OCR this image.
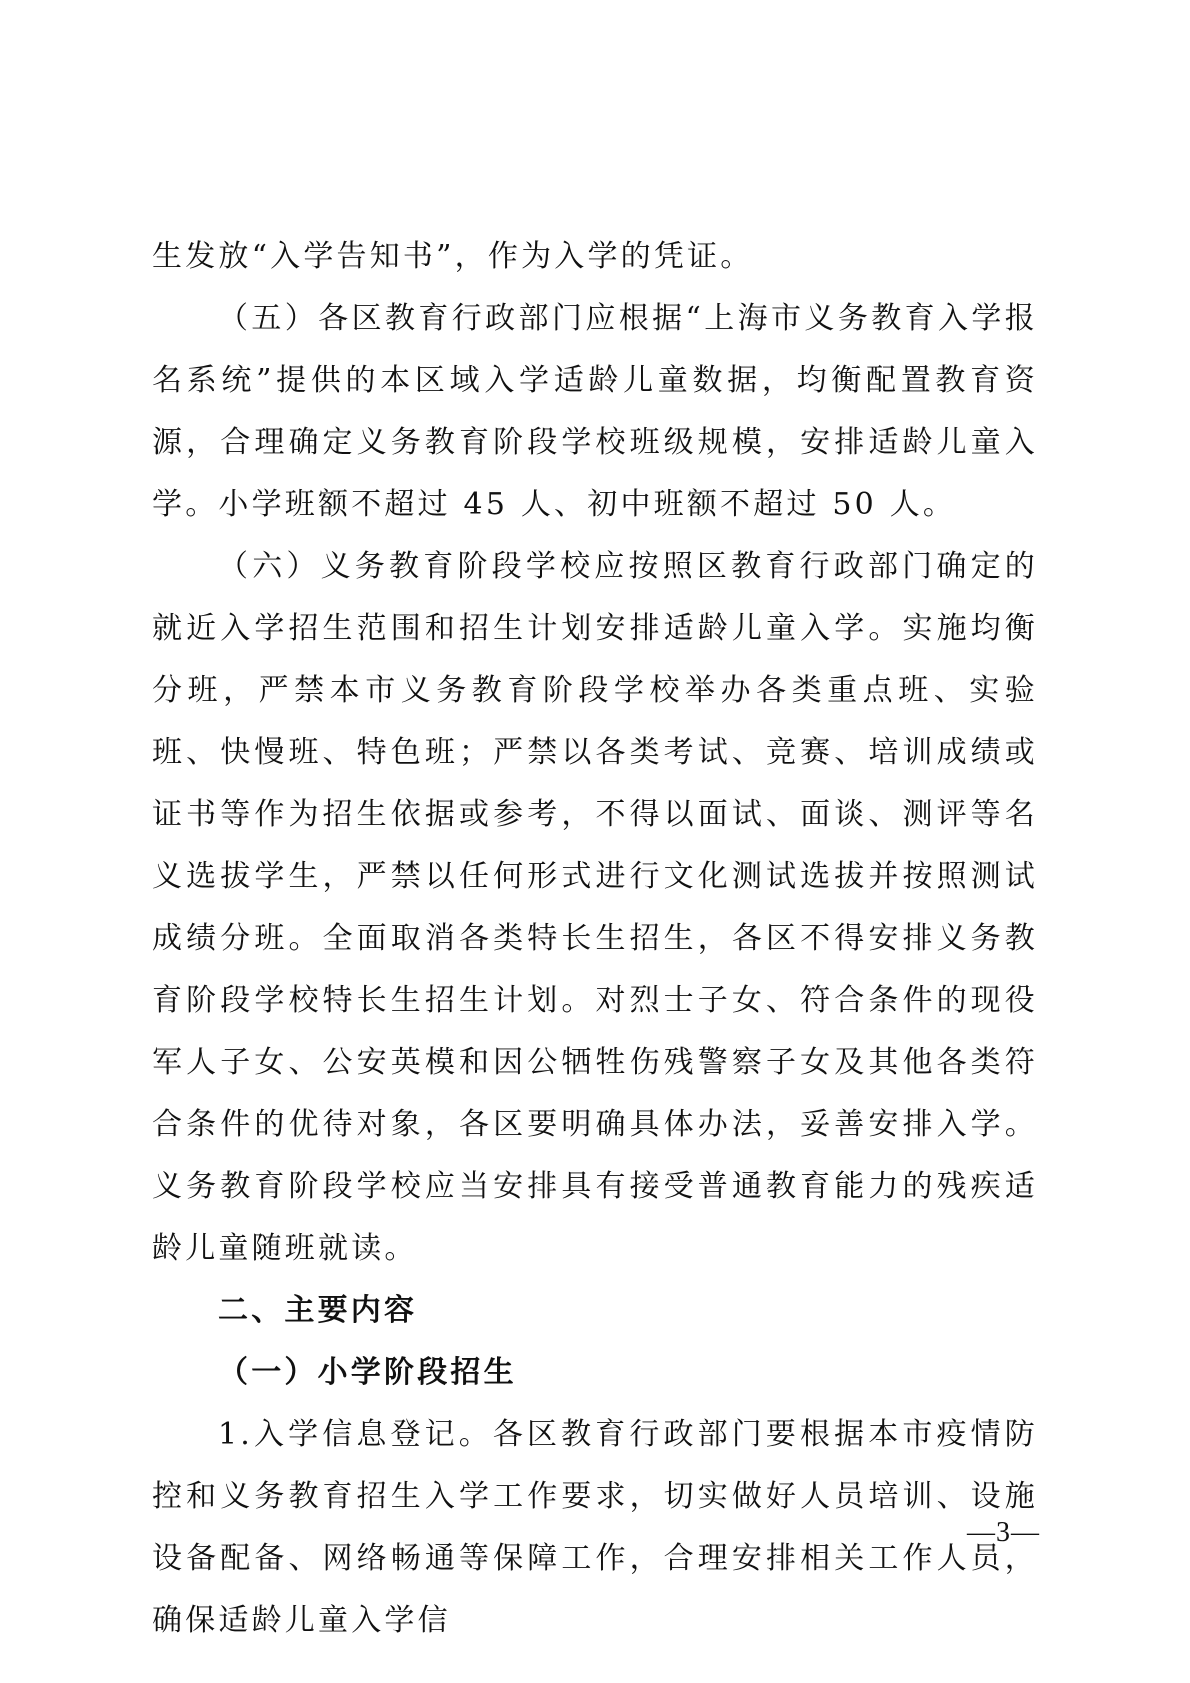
生发放“入学告知书”，作为入学的凭证。

（五）各区教育行政部门应根据“上海市义务教育入学报名系统”提供的本区域入学适龄儿童数据，均衡配置教育资源，合理确定义务教育阶段学校班级规模，安排适龄儿童入学。小学班额不超过 45 人、初中班额不超过 50 人。

（六）义务教育阶段学校应按照区教育行政部门确定的就近入学招生范围和招生计划安排适龄儿童入学。实施均衡分班，严禁本市义务教育阶段学校举办各类重点班、实验班、快慢班、特色班；严禁以各类考试、竞赛、培训成绩或证书等作为招生依据或参考，不得以面试、面谈、测评等名义选拔学生，严禁以任何形式进行文化测试选拔并按照测试成绩分班。全面取消各类特长生招生，各区不得安排义务教育阶段学校特长生招生计划。对烈士子女、符合条件的现役军人子女、公安英模和因公牺牲伤残警察子女及其他各类符合条件的优待对象，各区要明确具体办法，妥善安排入学。义务教育阶段学校应当安排具有接受普通教育能力的残疾适龄儿童随班就读。

二、主要内容

（一）小学阶段招生

1.入学信息登记。各区教育行政部门要根据本市疫情防控和义务教育招生入学工作要求，切实做好人员培训、设施设备配备、网络畅通等保障工作，合理安排相关工作人员，确保适龄儿童入学信

—3—
